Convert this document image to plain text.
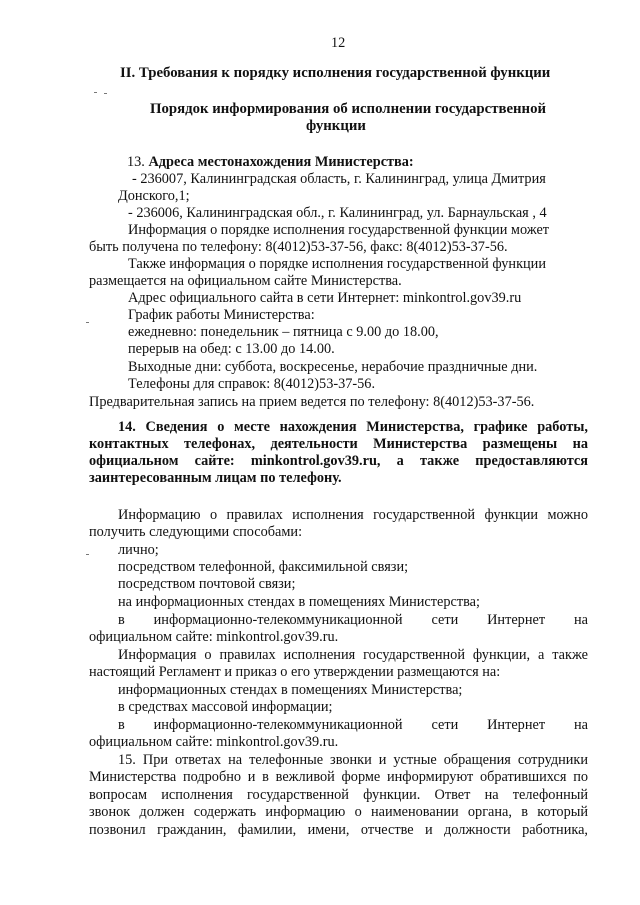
12
II. Требования к порядку исполнения государственной функции
Порядок информирования об исполнении государственной
функции
13. Адреса местонахождения Министерства:
- 236007, Калининградская область, г. Калининград, улица Дмитрия
Донского,1;
- 236006, Калининградская обл., г. Калининград, ул. Барнаульская , 4
Информация о порядке исполнения государственной функции может
быть получена по телефону: 8(4012)53-37-56, факс: 8(4012)53-37-56.
Также информация о порядке исполнения государственной функции
размещается на официальном сайте Министерства.
Адрес официального сайта в сети Интернет: minkontrol.gov39.ru
График работы Министерства:
ежедневно: понедельник – пятница с 9.00 до 18.00,
перерыв на обед: с 13.00 до 14.00.
Выходные дни: суббота, воскресенье, нерабочие праздничные дни.
Телефоны для справок: 8(4012)53-37-56.
Предварительная запись на прием ведется по телефону: 8(4012)53-37-56.
14. Сведения о месте нахождения Министерства, графике работы,
контактных телефонах, деятельности Министерства размещены на
официальном сайте: minkontrol.gov39.ru, а также предоставляются
заинтересованным лицам по телефону.
Информацию о правилах исполнения государственной функции можно
получить следующими способами:
лично;
посредством телефонной, факсимильной связи;
посредством почтовой связи;
на информационных стендах в помещениях Министерства;
в информационно-телекоммуникационной сети Интернет на
официальном сайте: minkontrol.gov39.ru.
Информация о правилах исполнения государственной функции, а также
настоящий Регламент и приказ о его утверждении размещаются на:
информационных стендах в помещениях Министерства;
в средствах массовой информации;
в информационно-телекоммуникационной сети Интернет на
официальном сайте: minkontrol.gov39.ru.
15. При ответах на телефонные звонки и устные обращения сотрудники
Министерства подробно и в вежливой форме информируют обратившихся по
вопросам исполнения государственной функции. Ответ на телефонный
звонок должен содержать информацию о наименовании органа, в который
позвонил гражданин, фамилии, имени, отчестве и должности работника,
